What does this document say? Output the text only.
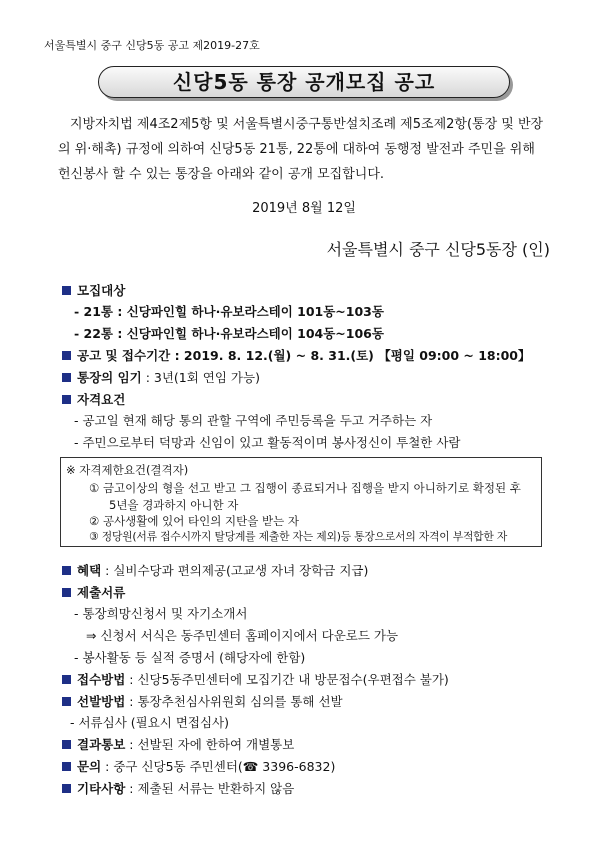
서울특별시 중구 신당5동 공고 제2019-27호
신당5동 통장 공개모집 공고
지방자치법 제4조2제5항 및 서울특별시중구통반설치조례 제5조제2항(통장 및 반장의 위·해촉) 규정에 의하여 신당5동 21통, 22통에 대하여 동행정 발전과 주민을 위해 헌신봉사 할 수 있는 통장을 아래와 같이 공개 모집합니다.
2019년 8월 12일
서울특별시 중구 신당5동장 (인)
모집대상
- 21통 : 신당파인힐 하나·유보라스테이 101동~103동
- 22통 : 신당파인힐 하나·유보라스테이 104동~106동
공고 및 접수기간 : 2019. 8. 12.(월) ~ 8. 31.(토) 【평일 09:00 ~ 18:00】
통장의 임기 : 3년(1회 연임 가능)
자격요건
- 공고일 현재 해당 통의 관할 구역에 주민등록을 두고 거주하는 자
- 주민으로부터 덕망과 신임이 있고 활동적이며 봉사정신이 투철한 사람
※ 자격제한요건(결격자)
① 금고이상의 형을 선고 받고 그 집행이 종료되거나 집행을 받지 아니하기로 확정된 후
5년을 경과하지 아니한 자
② 공사생활에 있어 타인의 지탄을 받는 자
③ 정당원(서류 접수시까지 탈당계를 제출한 자는 제외)등 통장으로서의 자격이 부적합한 자
혜택 : 실비수당과 편의제공(고교생 자녀 장학금 지급)
제출서류
- 통장희망신청서 및 자기소개서
⇒ 신청서 서식은 동주민센터 홈페이지에서 다운로드 가능
- 봉사활동 등 실적 증명서 (해당자에 한함)
접수방법 : 신당5동주민센터에 모집기간 내 방문접수(우편접수 불가)
선발방법 : 통장추천심사위원회 심의를 통해 선발
- 서류심사 (필요시 면접심사)
결과통보 : 선발된 자에 한하여 개별통보
문의 : 중구 신당5동 주민센터(☎ 3396-6832)
기타사항 : 제출된 서류는 반환하지 않음
